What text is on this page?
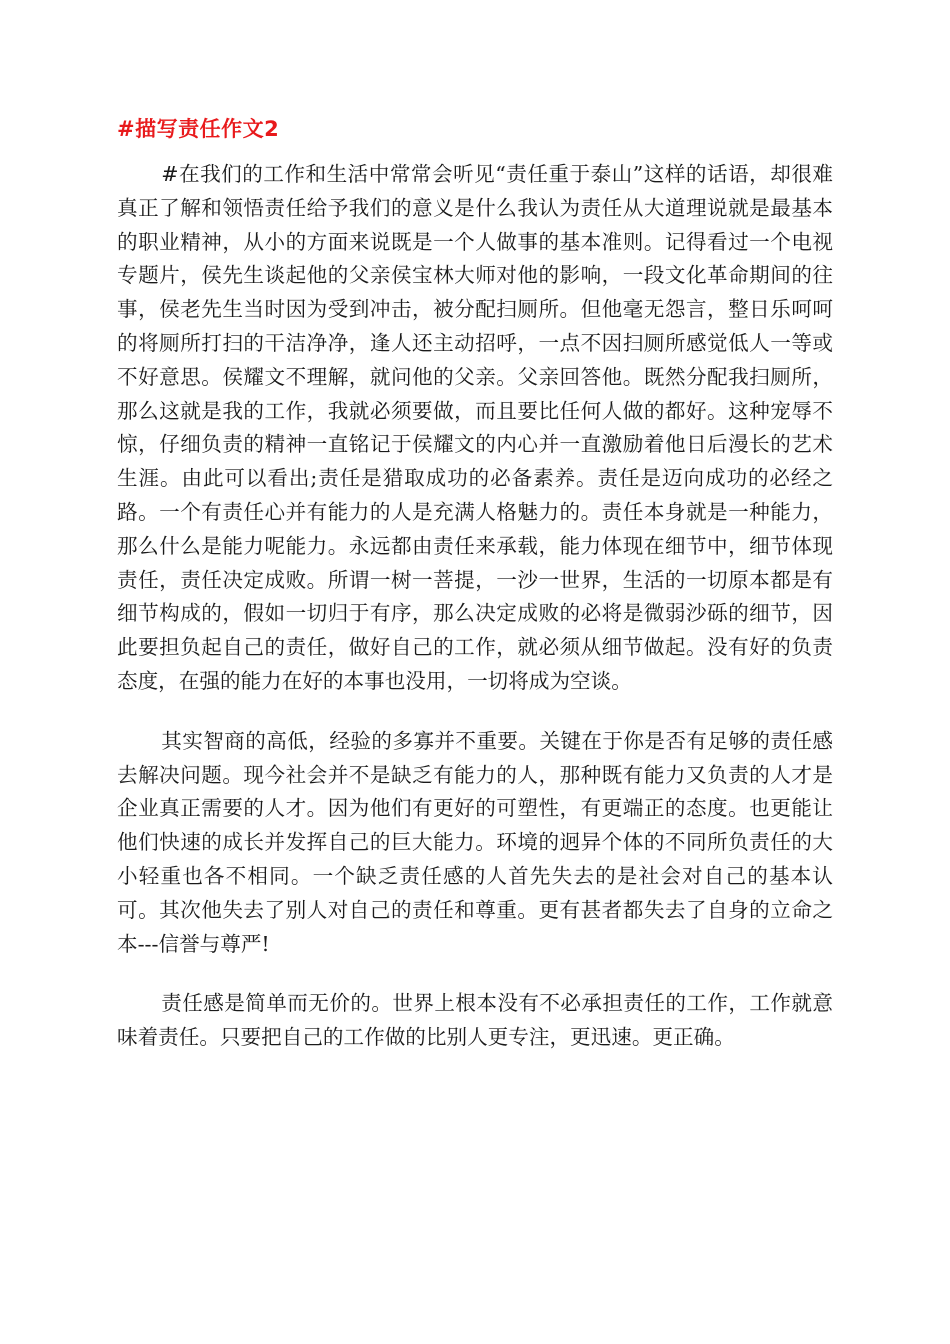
#描写责任作文2

#在我们的工作和生活中常常会听见“责任重于泰山”这样的话语，却很难真正了解和领悟责任给予我们的意义是什么我认为责任从大道理说就是最基本的职业精神，从小的方面来说既是一个人做事的基本准则。记得看过一个电视专题片，侯先生谈起他的父亲侯宝林大师对他的影响，一段文化革命期间的往事，侯老先生当时因为受到冲击，被分配扫厕所。但他毫无怨言，整日乐呵呵的将厕所打扫的干洁净净，逢人还主动招呼，一点不因扫厕所感觉低人一等或不好意思。侯耀文不理解，就问他的父亲。父亲回答他。既然分配我扫厕所，那么这就是我的工作，我就必须要做，而且要比任何人做的都好。这种宠辱不惊，仔细负责的精神一直铭记于侯耀文的内心并一直激励着他日后漫长的艺术生涯。由此可以看出;责任是猎取成功的必备素养。责任是迈向成功的必经之路。一个有责任心并有能力的人是充满人格魅力的。责任本身就是一种能力，那么什么是能力呢能力。永远都由责任来承载，能力体现在细节中，细节体现责任，责任决定成败。所谓一树一菩提，一沙一世界，生活的一切原本都是有细节构成的，假如一切归于有序，那么决定成败的必将是微弱沙砾的细节，因此要担负起自己的责任，做好自己的工作，就必须从细节做起。没有好的负责态度，在强的能力在好的本事也没用，一切将成为空谈。

其实智商的高低，经验的多寡并不重要。关键在于你是否有足够的责任感去解决问题。现今社会并不是缺乏有能力的人，那种既有能力又负责的人才是企业真正需要的人才。因为他们有更好的可塑性，有更端正的态度。也更能让他们快速的成长并发挥自己的巨大能力。环境的迥异个体的不同所负责任的大小轻重也各不相同。一个缺乏责任感的人首先失去的是社会对自己的基本认可。其次他失去了别人对自己的责任和尊重。更有甚者都失去了自身的立命之本---信誉与尊严!

责任感是简单而无价的。世界上根本没有不必承担责任的工作，工作就意味着责任。只要把自己的工作做的比别人更专注，更迅速。更正确。
